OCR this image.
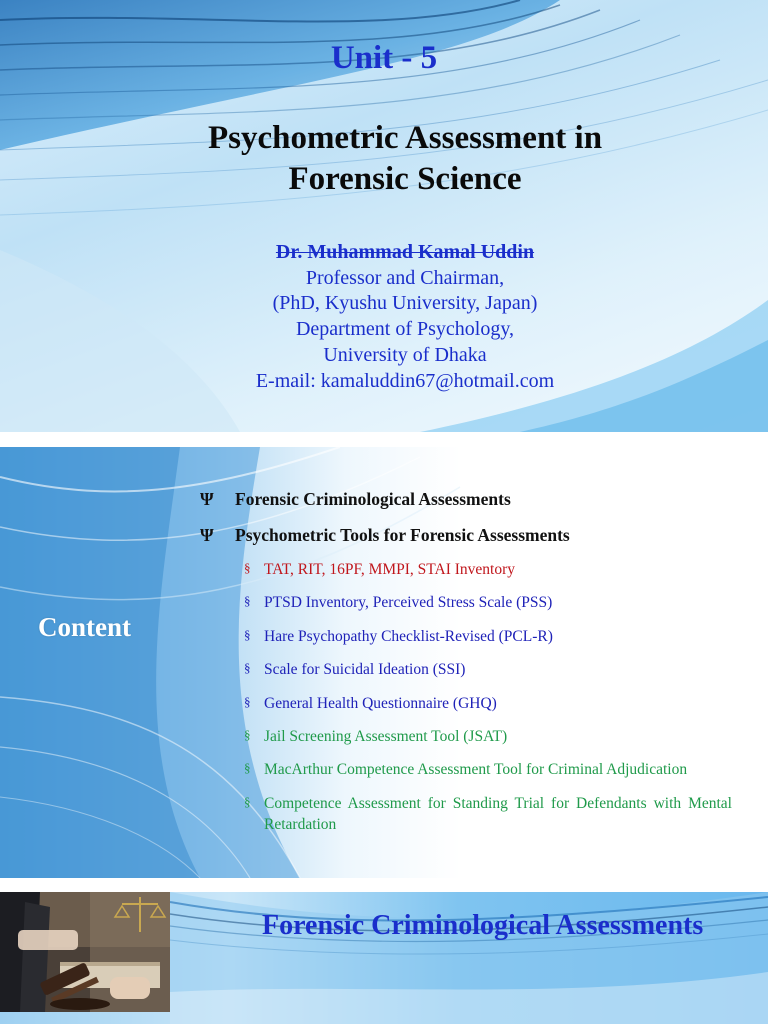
Unit - 5
Psychometric Assessment in
Forensic Science
Dr. Muhammad Kamal Uddin
Professor and Chairman,
(PhD, Kyushu University, Japan)
Department of Psychology,
University of Dhaka
E-mail: kamaluddin67@hotmail.com
Content
Ψ Forensic Criminological Assessments
Ψ Psychometric Tools for Forensic Assessments
§ TAT, RIT, 16PF, MMPI, STAI Inventory
§ PTSD Inventory, Perceived Stress Scale (PSS)
§ Hare Psychopathy Checklist-Revised (PCL-R)
§ Scale for Suicidal Ideation (SSI)
§ General Health Questionnaire (GHQ)
§ Jail Screening Assessment Tool (JSAT)
§ MacArthur Competence Assessment Tool for Criminal Adjudication
§ Competence Assessment for Standing Trial for Defendants with Mental Retardation
Forensic Criminological Assessments
